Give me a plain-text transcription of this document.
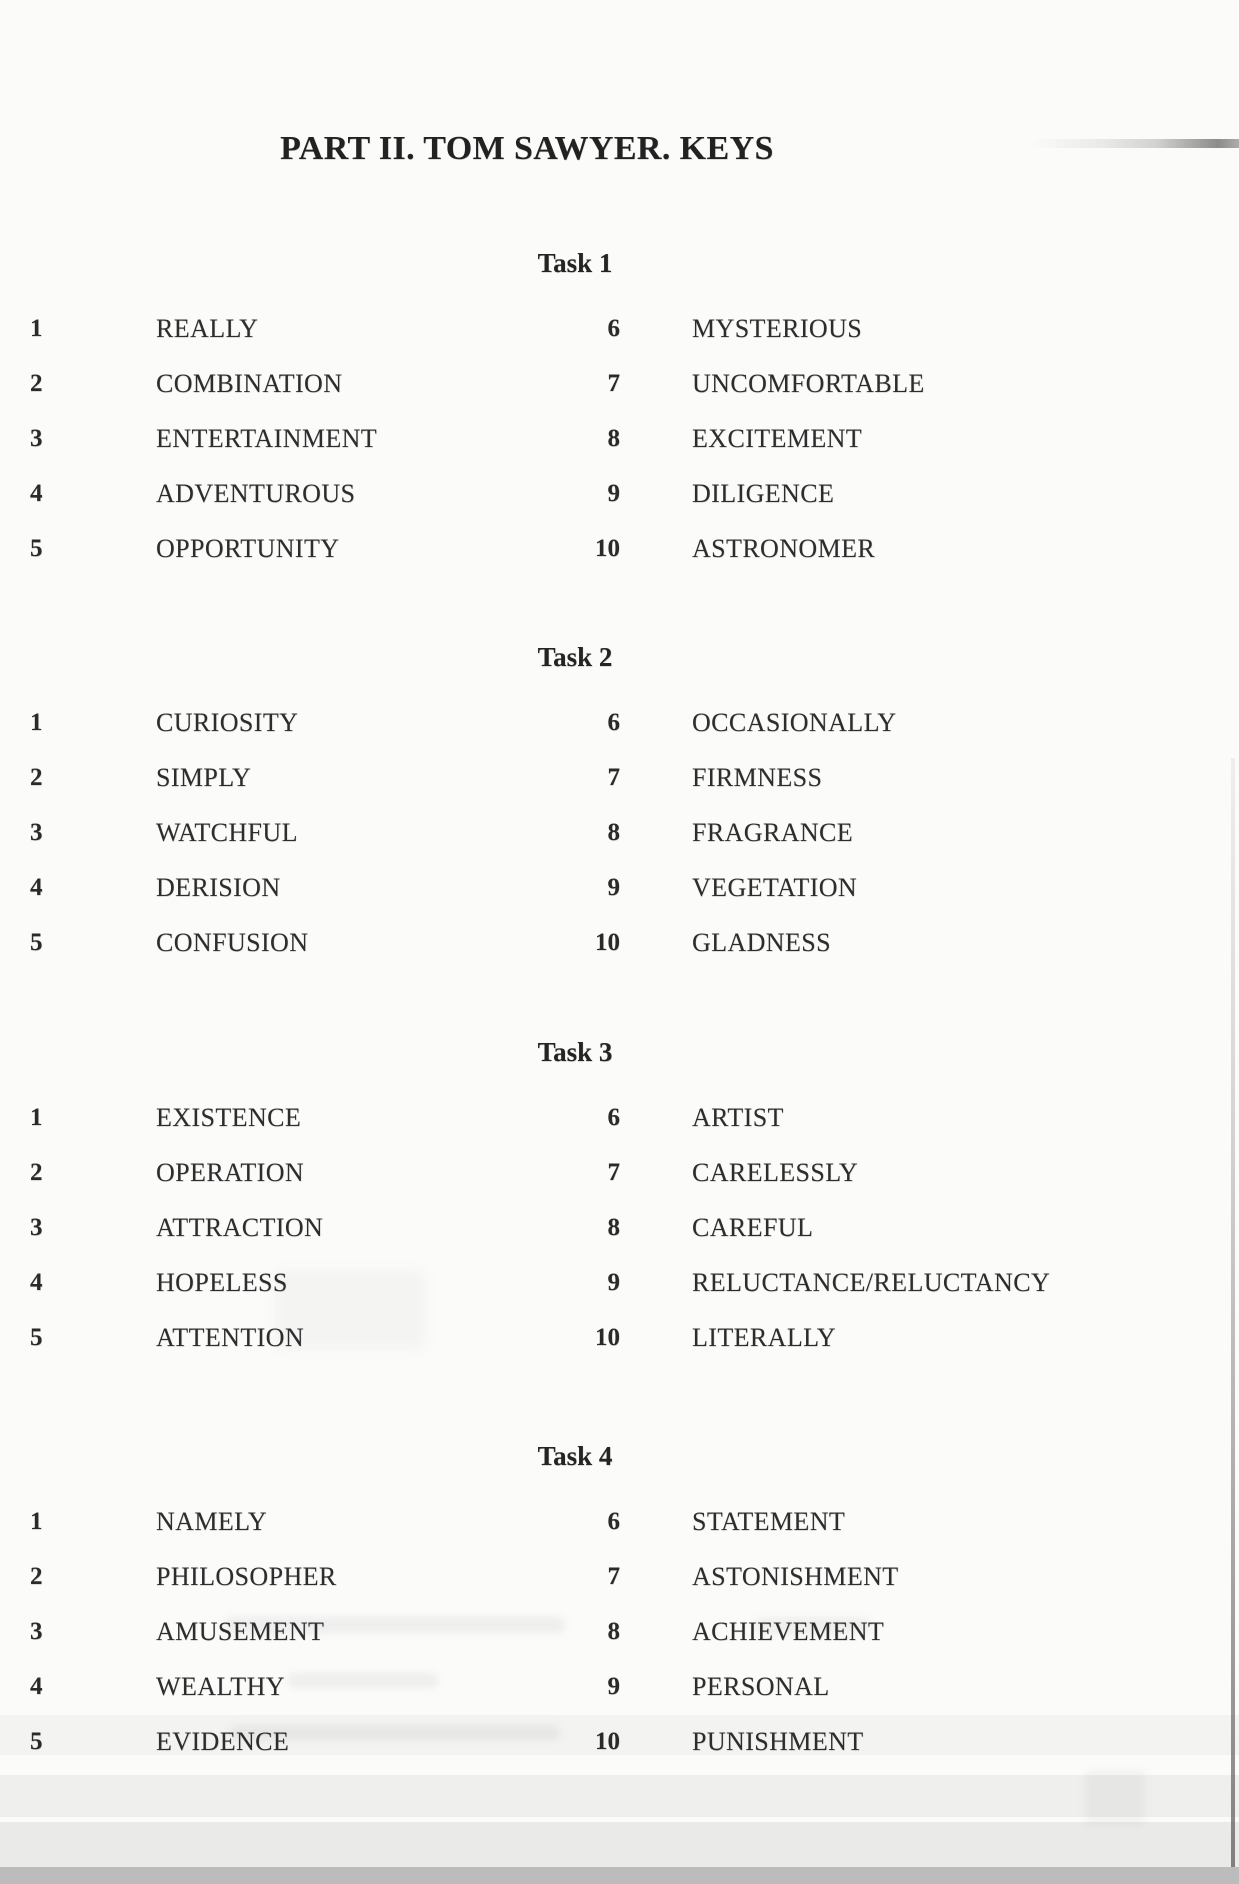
PART II. TOM SAWYER. KEYS
Task 1
1	REALLY	6	MYSTERIOUS
2	COMBINATION	7	UNCOMFORTABLE
3	ENTERTAINMENT	8	EXCITEMENT
4	ADVENTUROUS	9	DILIGENCE
5	OPPORTUNITY	10	ASTRONOMER
Task 2
1	CURIOSITY	6	OCCASIONALLY
2	SIMPLY	7	FIRMNESS
3	WATCHFUL	8	FRAGRANCE
4	DERISION	9	VEGETATION
5	CONFUSION	10	GLADNESS
Task 3
1	EXISTENCE	6	ARTIST
2	OPERATION	7	CARELESSLY
3	ATTRACTION	8	CAREFUL
4	HOPELESS	9	RELUCTANCE/RELUCTANCY
5	ATTENTION	10	LITERALLY
Task 4
1	NAMELY	6	STATEMENT
2	PHILOSOPHER	7	ASTONISHMENT
3	AMUSEMENT	8	ACHIEVEMENT
4	WEALTHY	9	PERSONAL
5	EVIDENCE	10	PUNISHMENT
